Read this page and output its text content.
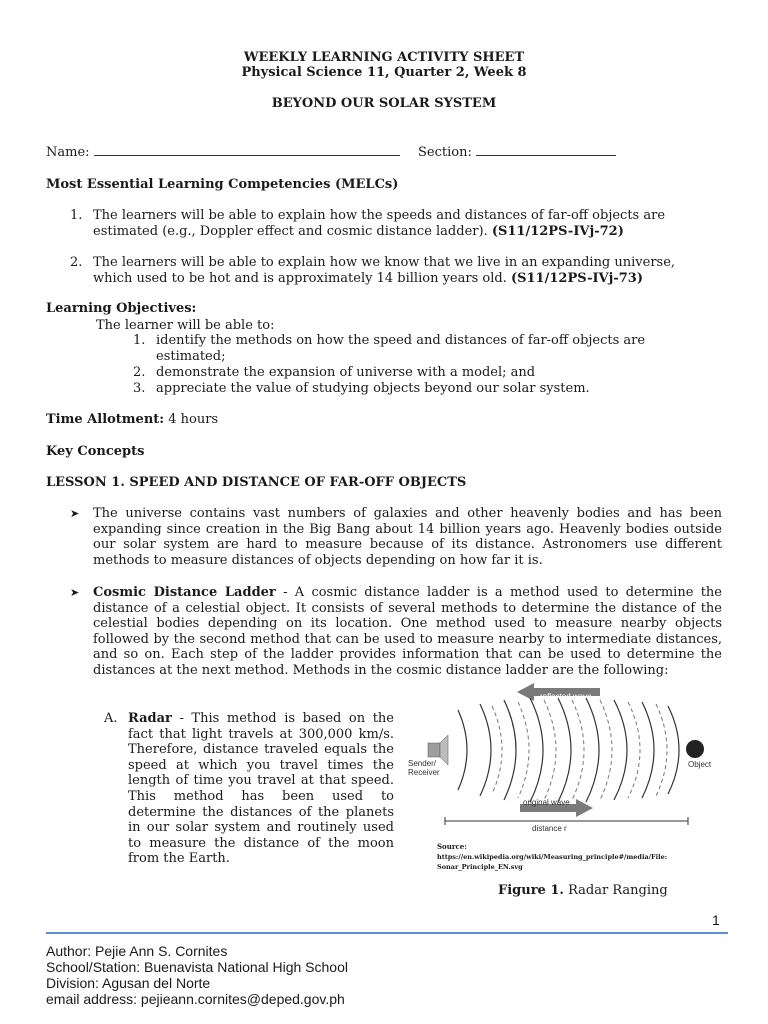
WEEKLY LEARNING ACTIVITY SHEET
Physical Science 11, Quarter 2, Week 8
BEYOND OUR SOLAR SYSTEM
Name:	Section:
Most Essential Learning Competencies (MELCs)
1. The learners will be able to explain how the speeds and distances of far-off objects are
estimated (e.g., Doppler effect and cosmic distance ladder). (S11/12PS-IVj-72)
2. The learners will be able to explain how we know that we live in an expanding universe,
which used to be hot and is approximately 14 billion years old. (S11/12PS-IVj-73)
Learning Objectives:
The learner will be able to:
1. identify the methods on how the speed and distances of far-off objects are
estimated;
2. demonstrate the expansion of universe with a model; and
3. appreciate the value of studying objects beyond our solar system.
Time Allotment: 4 hours
Key Concepts
LESSON 1. SPEED AND DISTANCE OF FAR-OFF OBJECTS
➤ The universe contains vast numbers of galaxies and other heavenly bodies and has been expanding since creation in the Big Bang about 14 billion years ago. Heavenly bodies outside our solar system are hard to measure because of its distance. Astronomers use different methods to measure distances of objects depending on how far it is.
➤ Cosmic Distance Ladder - A cosmic distance ladder is a method used to determine the distance of a celestial object. It consists of several methods to determine the distance of the celestial bodies depending on its location. One method used to measure nearby objects followed by the second method that can be used to measure nearby to intermediate distances, and so on. Each step of the ladder provides information that can be used to determine the distances at the next method. Methods in the cosmic distance ladder are the following:
A. Radar - This method is based on the fact that light travels at 300,000 km/s. Therefore, distance traveled equals the speed at which you travel times the length of time you travel at that speed. This method has been used to determine the distances of the planets in our solar system and routinely used to measure the distance of the moon from the Earth.
reflected wave
Sender/
Receiver
Object
original wave
distance r
Source:
https://en.wikipedia.org/wiki/Measuring_principle#/media/File:
Sonar_Principle_EN.svg
Figure 1. Radar Ranging
1
Author: Pejie Ann S. Cornites
School/Station: Buenavista National High School
Division: Agusan del Norte
email address: pejieann.cornites@deped.gov.ph
